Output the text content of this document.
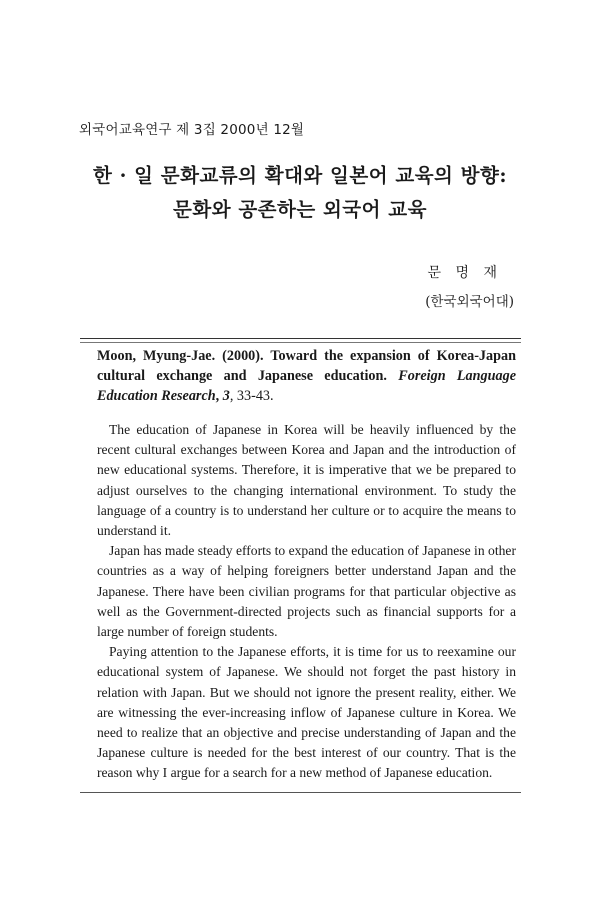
외국어교육연구 제 3집 2000년 12월
한 · 일 문화교류의 확대와 일본어 교육의 방향:
문화와 공존하는 외국어 교육
문 명 재
(한국외국어대)
Moon, Myung-Jae. (2000). Toward the expansion of Korea-Japan cultural exchange and Japanese education. Foreign Language Education Research, 3, 33-43.

The education of Japanese in Korea will be heavily influenced by the recent cultural exchanges between Korea and Japan and the introduction of new educational systems. Therefore, it is imperative that we be prepared to adjust ourselves to the changing international environment. To study the language of a country is to understand her culture or to acquire the means to understand it.

Japan has made steady efforts to expand the education of Japanese in other countries as a way of helping foreigners better understand Japan and the Japanese. There have been civilian programs for that particular objective as well as the Government-directed projects such as financial supports for a large number of foreign students.

Paying attention to the Japanese efforts, it is time for us to reexamine our educational system of Japanese. We should not forget the past history in relation with Japan. But we should not ignore the present reality, either. We are witnessing the ever-increasing inflow of Japanese culture in Korea. We need to realize that an objective and precise understanding of Japan and the Japanese culture is needed for the best interest of our country. That is the reason why I argue for a search for a new method of Japanese education.
